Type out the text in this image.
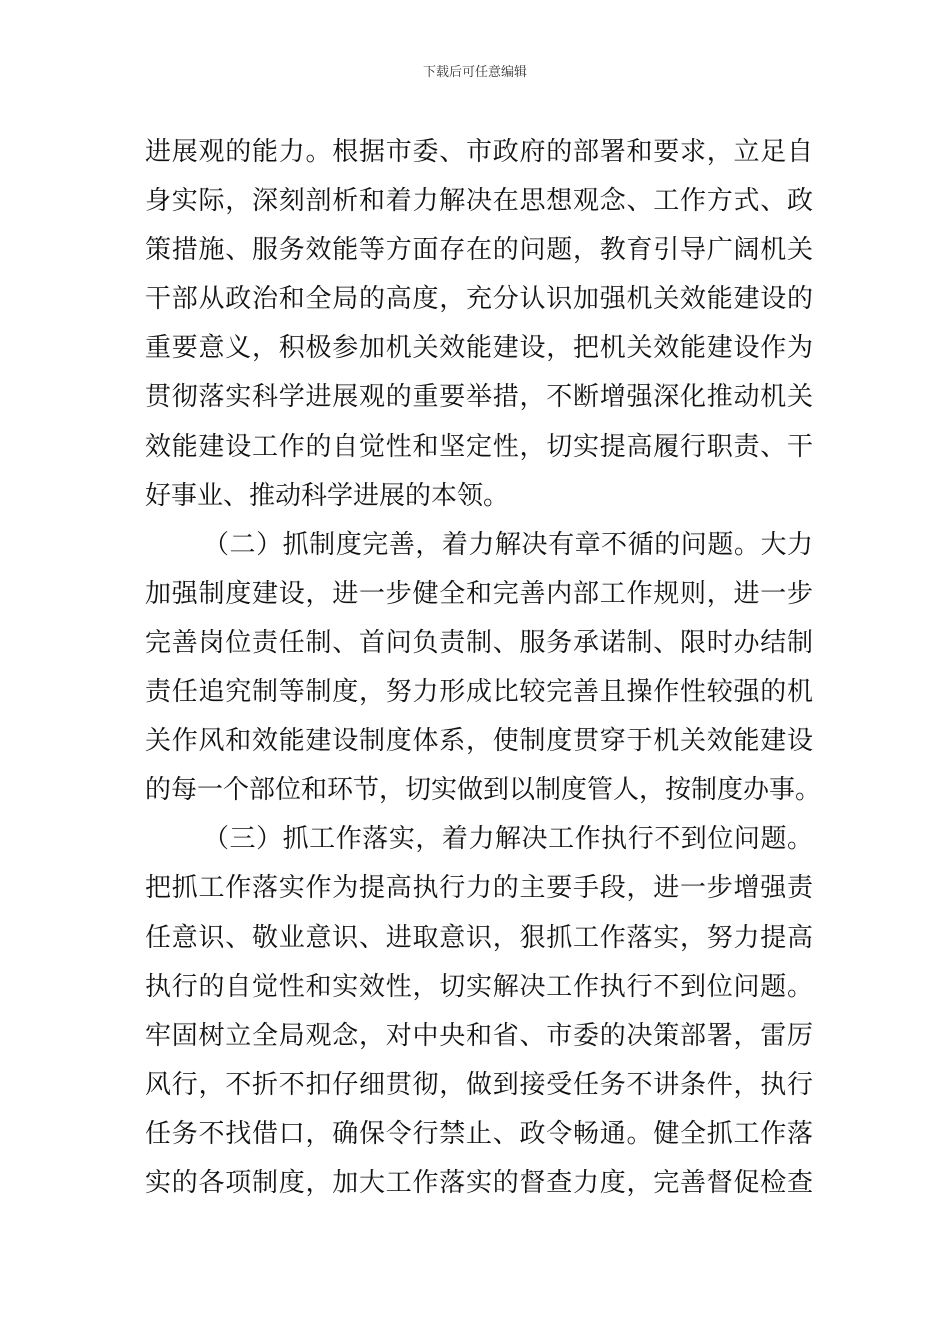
下载后可任意编辑
进展观的能力。根据市委、市政府的部署和要求，立足自
身实际，深刻剖析和着力解决在思想观念、工作方式、政
策措施、服务效能等方面存在的问题，教育引导广阔机关
干部从政治和全局的高度，充分认识加强机关效能建设的
重要意义，积极参加机关效能建设，把机关效能建设作为
贯彻落实科学进展观的重要举措，不断增强深化推动机关
效能建设工作的自觉性和坚定性，切实提高履行职责、干
好事业、推动科学进展的本领。
（二）抓制度完善，着力解决有章不循的问题。大力
加强制度建设，进一步健全和完善内部工作规则，进一步
完善岗位责任制、首问负责制、服务承诺制、限时办结制
责任追究制等制度，努力形成比较完善且操作性较强的机
关作风和效能建设制度体系，使制度贯穿于机关效能建设
的每一个部位和环节，切实做到以制度管人，按制度办事。
（三）抓工作落实，着力解决工作执行不到位问题。
把抓工作落实作为提高执行力的主要手段，进一步增强责
任意识、敬业意识、进取意识，狠抓工作落实，努力提高
执行的自觉性和实效性，切实解决工作执行不到位问题。
牢固树立全局观念，对中央和省、市委的决策部署，雷厉
风行，不折不扣仔细贯彻，做到接受任务不讲条件，执行
任务不找借口，确保令行禁止、政令畅通。健全抓工作落
实的各项制度，加大工作落实的督查力度，完善督促检查
